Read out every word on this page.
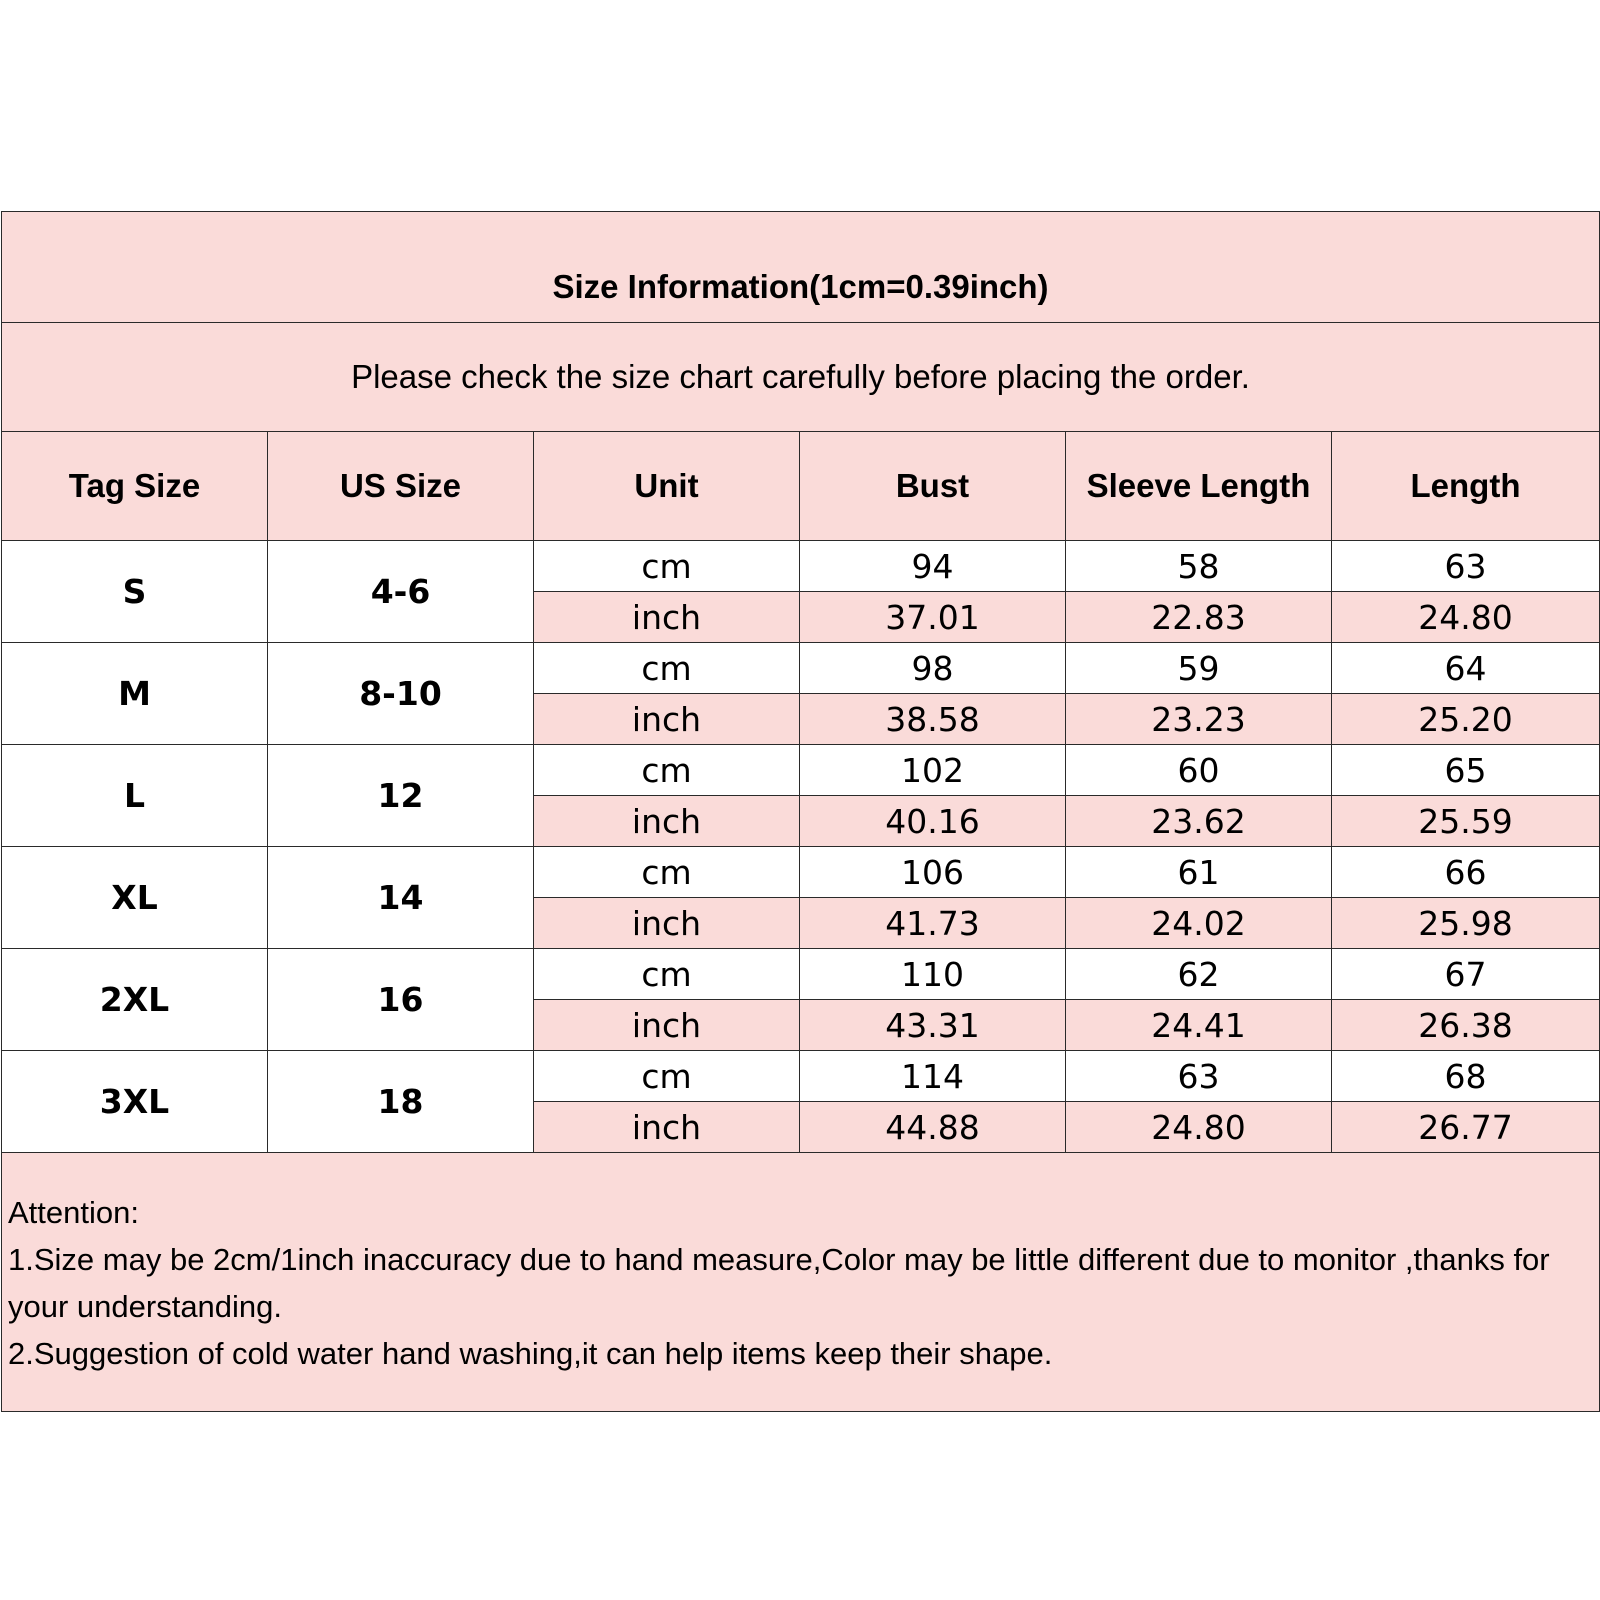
Size Information(1cm=0.39inch)					
Please check the size chart carefully before placing the order.					
Tag Size	US Size	Unit	Bust	Sleeve Length	Length
S	4-6	cm	94	58	63
		inch	37.01	22.83	24.80
M	8-10	cm	98	59	64
		inch	38.58	23.23	25.20
L	12	cm	102	60	65
		inch	40.16	23.62	25.59
XL	14	cm	106	61	66
		inch	41.73	24.02	25.98
2XL	16	cm	110	62	67
		inch	43.31	24.41	26.38
3XL	18	cm	114	63	68
		inch	44.88	24.80	26.77

Attention:
1.Size may be 2cm/1inch inaccuracy due to hand measure,Color may be little different due to monitor ,thanks for your understanding.
2.Suggestion of cold water hand washing,it can help items keep their shape.					
